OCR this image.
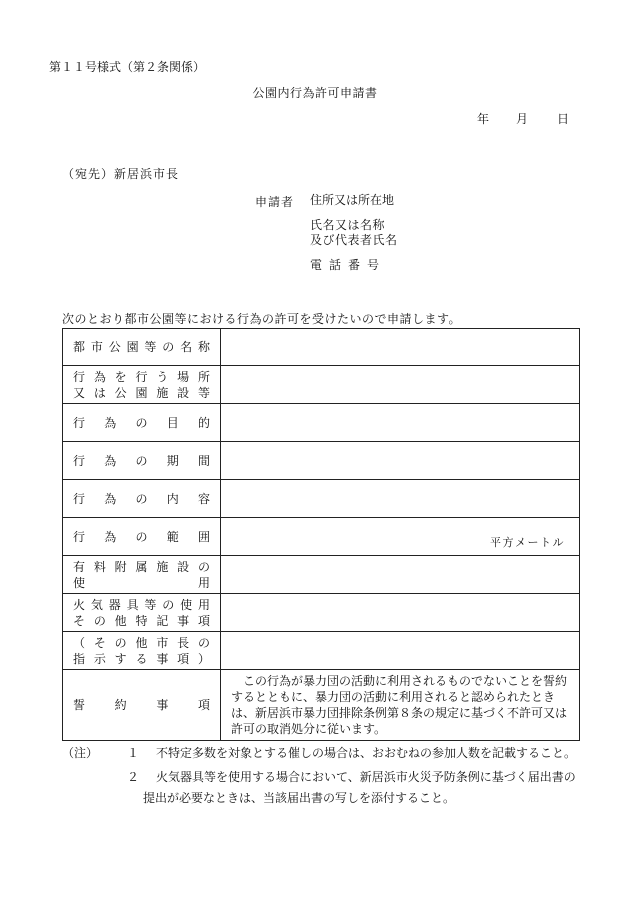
第１１号様式（第２条関係）
公園内行為許可申請書
年 月 日
（宛先）新居浜市長
申請者 住所又は所在地
氏名又は名称
及び代表者氏名
電話番号
次のとおり都市公園等における行為の許可を受けたいので申請します。
都市公園等の名称	

行為を行う場所
又は公園施設等	

行為の目的	

行為の期間	

行為の内容	

行為の範囲	平方メートル

有料附属施設の
使用	

火気器具等の使用
その他特記事項	

（その他市長の
指示する事項）	

誓約事項	この行為が暴力団の活動に利用されるものでないことを誓約するとともに、暴力団の活動に利用されると認められたときは、新居浜市暴力団排除条例第８条の規定に基づく不許可又は許可の取消処分に従います。
（注） １ 不特定多数を対象とする催しの場合は、おおむねの参加人数を記載すること。
２ 火気器具等を使用する場合において、新居浜市火災予防条例に基づく届出書の
提出が必要なときは、当該届出書の写しを添付すること。
